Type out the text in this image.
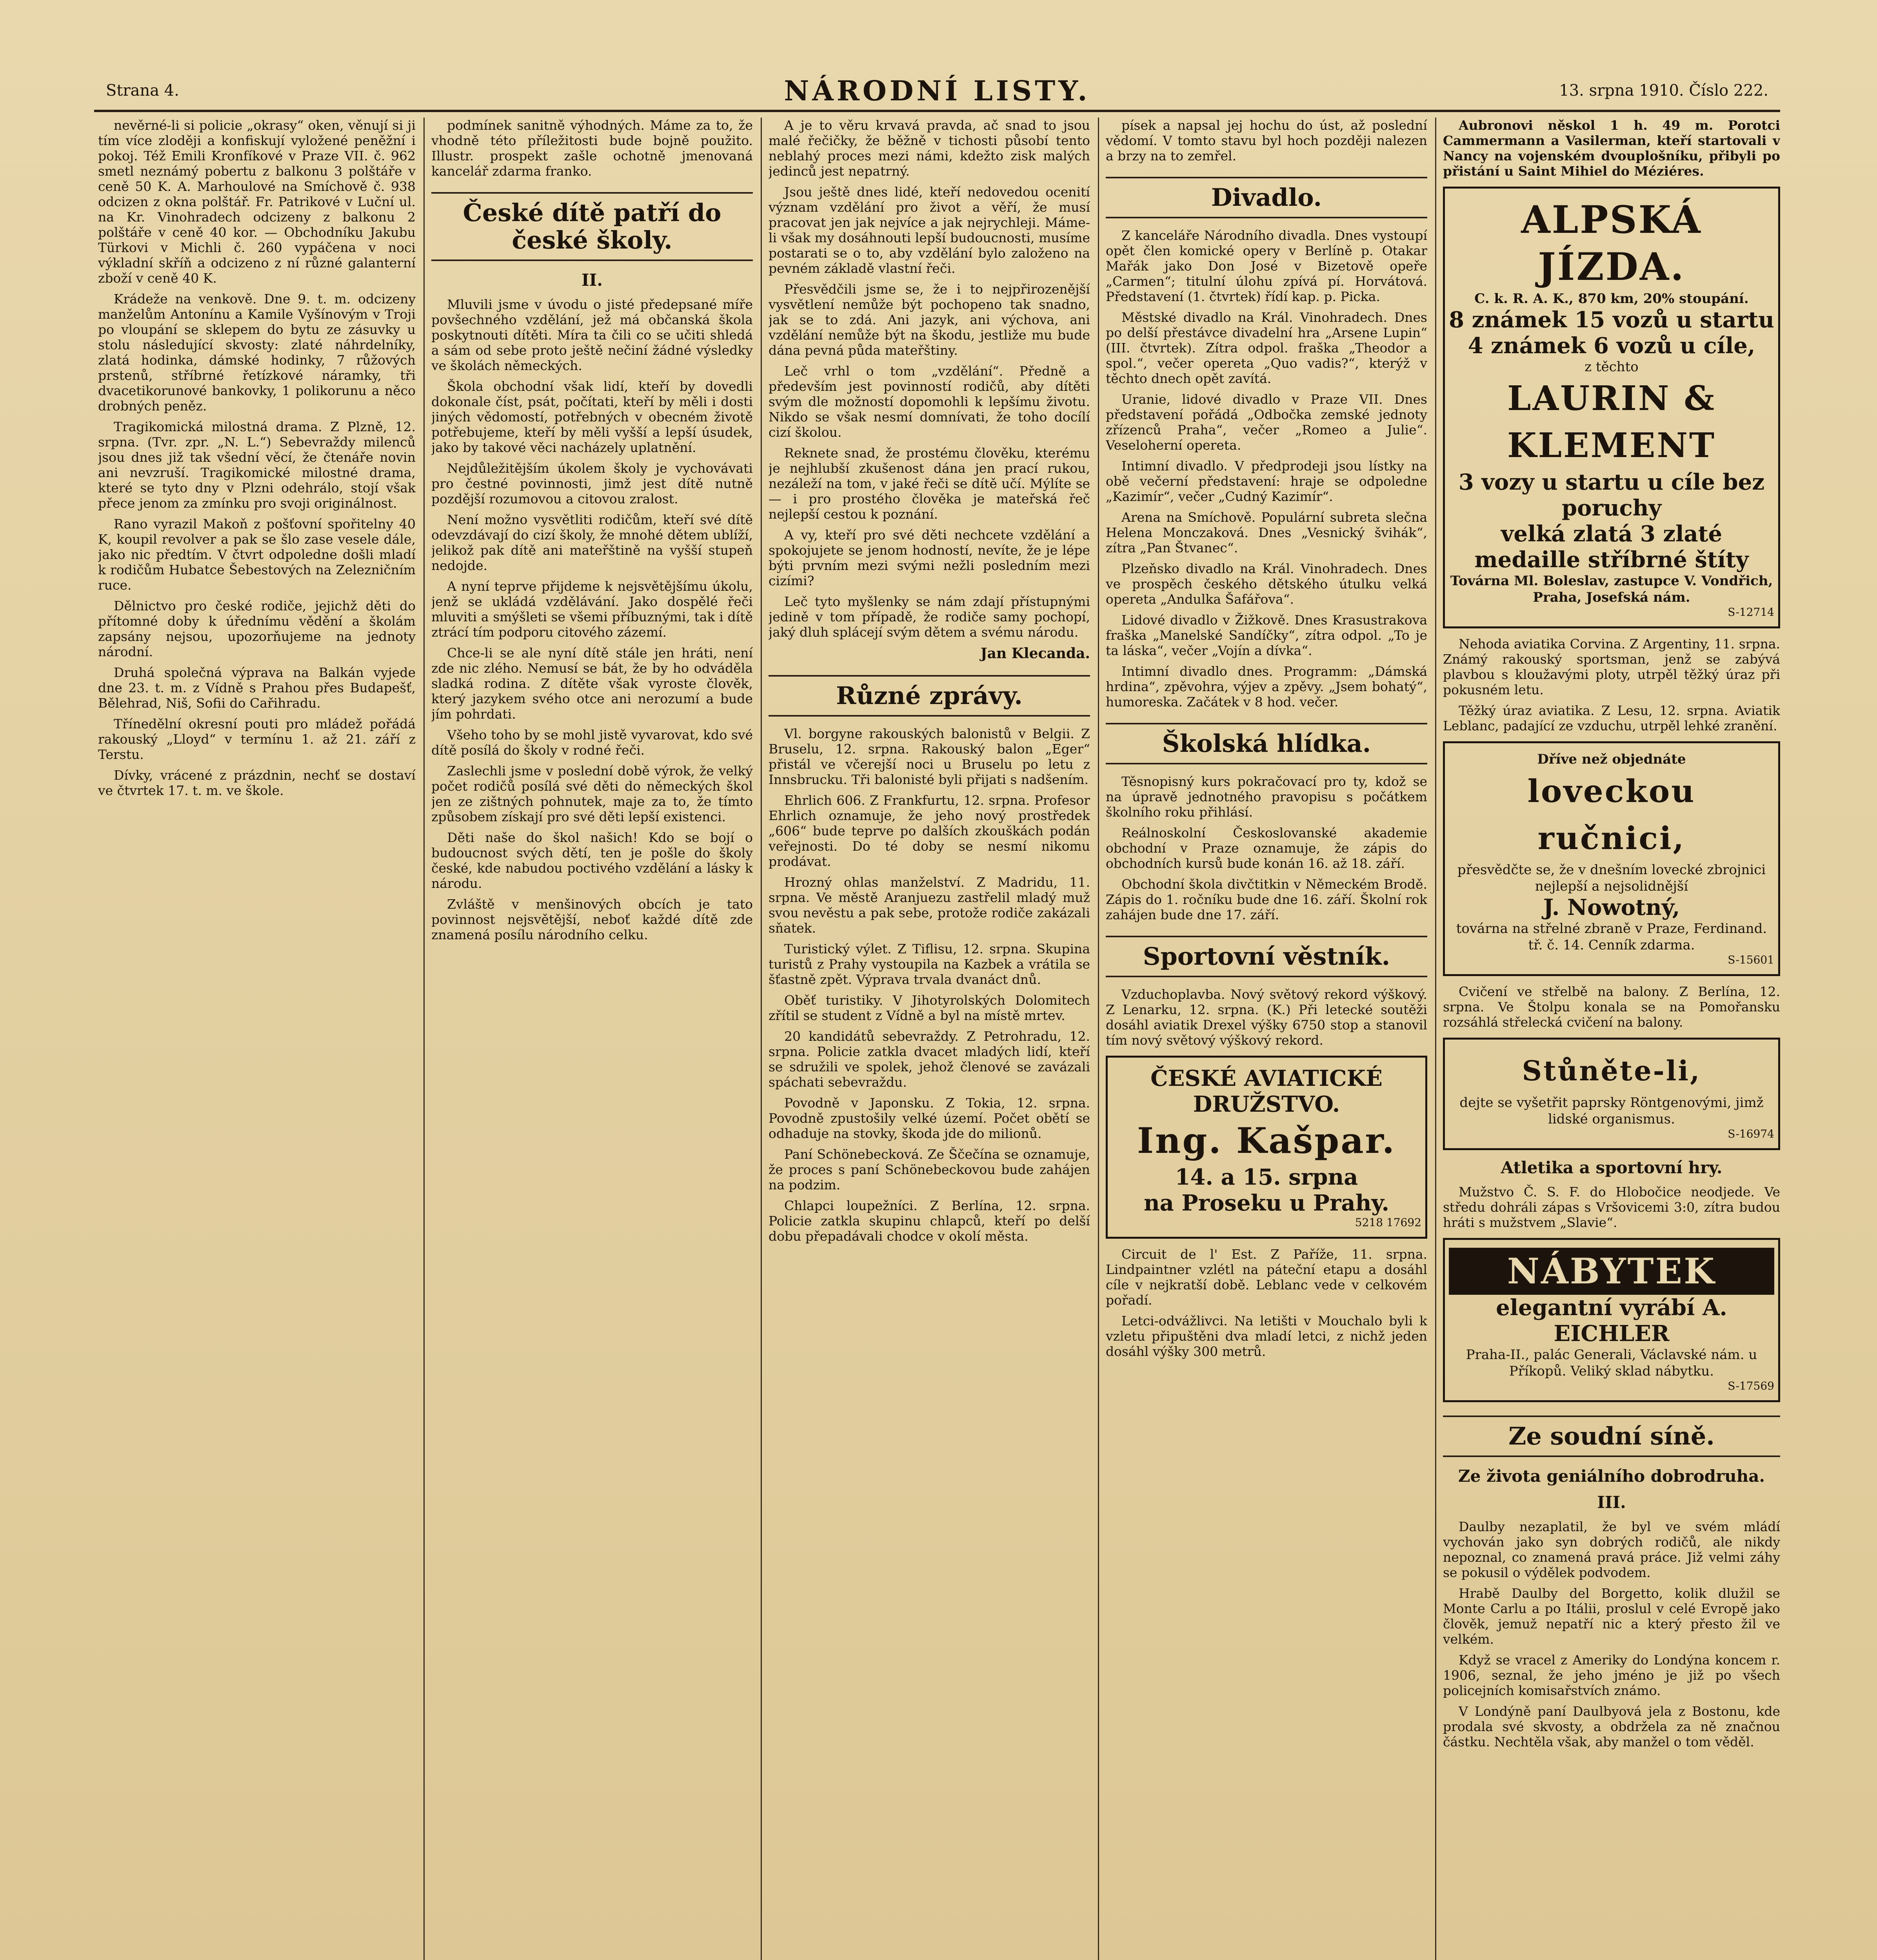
Strana 4.	NÁRODNÍ LISTY.	13. srpna 1910. Číslo 222.

nevěrné-li si policie „okrasy“ oken, věnují si ji tím více zloději a konfiskují vyložené peněžní i pokoj. Též Emili Kronfíkové v Praze VII. č. 962 smetl neznámý pobertu z balkonu 3 polštáře v ceně 50 K. A. Marhoulové na Smíchově č. 938 odcizen z okna polštář. Fr. Patrikové v Luční ul. na Kr. Vinohradech odcizeny z balkonu 2 polštáře v ceně 40 kor. — Obchodníku Jakubu Türkovi v Michli č. 260 vypáčena v noci výkladní skříň a odcizeno z ní různé galanterní zboží v ceně 40 K.

Krádeže na venkově. Dne 9. t. m. odcizeny manželům Antonínu a Kamile Vyšínovým v Troji po vloupání se sklepem do bytu ze zásuvky u stolu následující skvosty: zlaté náhrdelníky, zlatá hodinka, dámské hodinky, 7 růžových prstenů, stříbrné řetízkové náramky, tři dvacetikorunové bankovky, 1 polikorunu a něco drobných peněz.

Tragikomická milostná drama. Z Plzně, 12. srpna. (Tvr. zpr. „N. L.“) Sebevraždy milenců jsou dnes již tak všední věcí, že čtenáře novin ani nevzruší. Tragikomické milostné drama, které se tyto dny v Plzni odehrálo, stojí však přece jenom za zmínku pro svoji originálnost.

Rano vyrazil Makoň z pošťovní spořitelny 40 K, koupil revolver a pak se šlo zase vesele dále, jako nic předtím. V čtvrt odpoledne došli mladí k rodičům Hubatce Šebestových na Zelezničním ruce.

Dělnictvo pro české rodiče, jejichž děti do přítomné doby k úřednímu vědění a školám zapsány nejsou, upozorňujeme na jednoty národní.

Druhá společná výprava na Balkán vyjede dne 23. t. m. z Vídně s Prahou přes Budapešť, Bělehrad, Niš, Sofii do Cařihradu.

Třínedělní okresní pouti pro mládež pořádá rakouský „Lloyd“ v termínu 1. až 21. září z Terstu.

Dívky, vrácené z prázdnin, nechť se dostaví ve čtvrtek 17. t. m. ve škole.

podmínek sanitně výhodných. Máme za to, že vhodně této příležitosti bude bojně použito. Illustr. prospekt zašle ochotně jmenovaná kancelář zdarma franko.

České dítě patří do české školy.
II.

Mluvili jsme v úvodu o jisté předepsané míře povšechného vzdělání, jež má občanská škola poskytnouti dítěti. Míra ta čili co se učiti shledá a sám od sebe proto ještě nečiní žádné výsledky ve školách německých.

Škola obchodní však lidí, kteří by dovedli dokonale číst, psát, počítati, kteří by měli i dosti jiných vědomostí, potřebných v obecném životě potřebujeme, kteří by měli vyšší a lepší úsudek, jako by takové věci nacházely uplatnění.

Nejdůležitějším úkolem školy je vychovávati pro čestné povinnosti, jimž jest dítě nutně pozdější rozumovou a citovou zralost.

Není možno vysvětliti rodičům, kteří své dítě odevzdávají do cizí školy, že mnohé dětem ublíží, jelikož pak dítě ani mateřštině na vyšší stupeň nedojde.

A nyní teprve přijdeme k nejsvětějšímu úkolu, jenž se ukládá vzdělávání. Jako dospělé řeči mluviti a smýšleti se všemi příbuznými, tak i dítě ztrácí tím podporu citového zázemí.

Chce-li se ale nyní dítě stále jen hráti, není zde nic zlého. Nemusí se bát, že by ho odváděla sladká rodina. Z dítěte však vyroste člověk, který jazykem svého otce ani nerozumí a bude jím pohrdati.

Všeho toho by se mohl jistě vyvarovat, kdo své dítě posílá do školy v rodné řeči.

Zaslechli jsme v poslední době výrok, že velký počet rodičů posílá své děti do německých škol jen ze zištných pohnutek, maje za to, že tímto způsobem získají pro své děti lepší existenci.

Děti naše do škol našich! Kdo se bojí o budoucnost svých dětí, ten je pošle do školy české, kde nabudou poctivého vzdělání a lásky k národu.

Zvláště v menšinových obcích je tato povinnost nejsvětější, neboť každé dítě zde znamená posílu národního celku.

A je to věru krvavá pravda, ač snad to jsou malé řečičky, že běžně v tichosti působí tento neblahý proces mezi námi, kdežto zisk malých jedinců jest nepatrný.

Jsou ještě dnes lidé, kteří nedovedou ocenití význam vzdělání pro život a věří, že musí pracovat jen jak nejvíce a jak nejrychleji. Máme-li však my dosáhnouti lepší budoucnosti, musíme postarati se o to, aby vzdělání bylo založeno na pevném základě vlastní řeči.

Přesvědčili jsme se, že i to nejpřirozenější vysvětlení nemůže být pochopeno tak snadno, jak se to zdá. Ani jazyk, ani výchova, ani vzdělání nemůže být na škodu, jestliže mu bude dána pevná půda mateřštiny.

Leč vrhl o tom „vzdělání“. Předně a především jest povinností rodičů, aby dítěti svým dle možností dopomohli k lepšímu životu. Nikdo se však nesmí domnívati, že toho docílí cizí školou.

Reknete snad, že prostému člověku, kterému je nejhlubší zkušenost dána jen prací rukou, nezáleží na tom, v jaké řeči se dítě učí. Mýlíte se — i pro prostého člověka je mateřská řeč nejlepší cestou k poznání.

A vy, kteří pro své děti nechcete vzdělání a spokojujete se jenom hodností, nevíte, že je lépe býti prvním mezi svými nežli posledním mezi cizími?

Leč tyto myšlenky se nám zdají přístupnými jedině v tom případě, že rodiče samy pochopí, jaký dluh splácejí svým dětem a svému národu.

Jan Klecanda.
Různé zprávy.

Vl. borgyne rakouských balonistů v Belgii. Z Bruselu, 12. srpna. Rakouský balon „Eger“ přistál ve včerejší noci u Bruselu po letu z Innsbrucku. Tři balonisté byli přijati s nadšením.

Ehrlich 606. Z Frankfurtu, 12. srpna. Profesor Ehrlich oznamuje, že jeho nový prostředek „606“ bude teprve po dalších zkouškách podán veřejnosti. Do té doby se nesmí nikomu prodávat.

Hrozný ohlas manželství. Z Madridu, 11. srpna. Ve městě Aranjuezu zastřelil mladý muž svou nevěstu a pak sebe, protože rodiče zakázali sňatek.

Turistický výlet. Z Tiflisu, 12. srpna. Skupina turistů z Prahy vystoupila na Kazbek a vrátila se šťastně zpět. Výprava trvala dvanáct dnů.

Oběť turistiky. V Jihotyrolských Dolomitech zřítil se student z Vídně a byl na místě mrtev.

20 kandidátů sebevraždy. Z Petrohradu, 12. srpna. Policie zatkla dvacet mladých lidí, kteří se sdružili ve spolek, jehož členové se zavázali spáchati sebevraždu.

Povodně v Japonsku. Z Tokia, 12. srpna. Povodně zpustošily velké území. Počet obětí se odhaduje na stovky, škoda jde do milionů.

Paní Schönebecková. Ze Ščečína se oznamuje, že proces s paní Schönebeckovou bude zahájen na podzim.

Chlapci loupežníci. Z Berlína, 12. srpna. Policie zatkla skupinu chlapců, kteří po delší dobu přepadávali chodce v okolí města.

písek a napsal jej hochu do úst, až poslední vědomí. V tomto stavu byl hoch později nalezen a brzy na to zemřel.

Divadlo.

Z kanceláře Národního divadla. Dnes vystoupí opět člen komické opery v Berlíně p. Otakar Mařák jako Don José v Bizetově opeře „Carmen“; titulní úlohu zpívá pí. Horvátová. Představení (1. čtvrtek) řídí kap. p. Picka.

Městské divadlo na Král. Vinohradech. Dnes po delší přestávce divadelní hra „Arsene Lupin“ (III. čtvrtek). Zítra odpol. fraška „Theodor a spol.“, večer opereta „Quo vadis?“, kterýž v těchto dnech opět zavítá.

Uranie, lidové divadlo v Praze VII. Dnes představení pořádá „Odbočka zemské jednoty zřízenců Praha“, večer „Romeo a Julie“. Veseloherní opereta.

Intimní divadlo. V předprodeji jsou lístky na obě večerní představení: hraje se odpoledne „Kazimír“, večer „Cudný Kazimír“.

Arena na Smíchově. Populární subreta slečna Helena Monczaková. Dnes „Vesnický švihák“, zítra „Pan Štvanec“.

Plzeňsko divadlo na Král. Vinohradech. Dnes ve prospěch českého dětského útulku velká opereta „Andulka Šafářova“.

Lidové divadlo v Žižkově. Dnes Krasustrakova fraška „Manelské Sandíčky“, zítra odpol. „To je ta láska“, večer „Vojín a dívka“.

Intimní divadlo dnes. Programm: „Dámská hrdina“, zpěvohra, výjev a zpěvy. „Jsem bohatý“, humoreska. Začátek v 8 hod. večer.

Školská hlídka.

Těsnopisný kurs pokračovací pro ty, kdož se na úpravě jednotného pravopisu s počátkem školního roku přihlásí.

Reálnoskolní Českoslovanské akademie obchodní v Praze oznamuje, že zápis do obchodních kursů bude konán 16. až 18. září.

Obchodní škola divčtitkin v Německém Brodě. Zápis do 1. ročníku bude dne 16. září. Školní rok zahájen bude dne 17. září.

Sportovní věstník.

Vzduchoplavba. Nový světový rekord výškový. Z Lenarku, 12. srpna. (K.) Při letecké soutěži dosáhl aviatik Drexel výšky 6750 stop a stanovil tím nový světový výškový rekord.

ČESKÉ AVIATICKÉ DRUŽSTVO.
Ing. Kašpar.
14. a 15. srpna
na Proseku u Prahy.
5218 17692

Circuit de l' Est. Z Paříže, 11. srpna. Lindpaintner vzlétl na páteční etapu a dosáhl cíle v nejkratší době. Leblanc vede v celkovém pořadí.

Letci-odvážlivci. Na letišti v Mouchalo byli k vzletu připuštěni dva mladí letci, z nichž jeden dosáhl výšky 300 metrů.

Aubronovi něskol 1 h. 49 m. Porotci Cammermann a Vasilerman, kteří startovali v Nancy na vojenském dvouplošníku, přibyli po přistání u Saint Mihiel do Méziéres.

ALPSKÁ JÍZDA.
C. k. R. A. K., 870 km, 20% stoupání.
8 známek 15 vozů u startu
4 známek 6 vozů u cíle,
z těchto
LAURIN & KLEMENT
3 vozy u startu u cíle bez poruchy
velká zlatá 3 zlaté medaille stříbrné štíty
Továrna Ml. Boleslav, zastupce V. Vondřich, Praha, Josefská nám.
S-12714

Nehoda aviatika Corvina. Z Argentiny, 11. srpna. Známý rakouský sportsman, jenž se zabývá plavbou s kloužavými ploty, utrpěl těžký úraz při pokusném letu.

Těžký úraz aviatika. Z Lesu, 12. srpna. Aviatik Leblanc, padající ze vzduchu, utrpěl lehké zranění.

Dříve než objednáte
loveckou ručnici,
přesvědčte se, že v dnešním lovecké zbrojnici nejlepší a nejsolidnější
J. Nowotný,
továrna na střelné zbraně v Praze, Ferdinand. tř. č. 14. Cenník zdarma.
S-15601

Cvičení ve střelbě na balony. Z Berlína, 12. srpna. Ve Štolpu konala se na Pomořansku rozsáhlá střelecká cvičení na balony.

Stůněte-li,
dejte se vyšetřit paprsky Röntgenovými, jimž lidské organismus.
S-16974
Atletika a sportovní hry.

Mužstvo Č. S. F. do Hlobočice neodjede. Ve středu dohráli zápas s Vršovicemi 3:0, zítra budou hráti s mužstvem „Slavie“.

NÁBYTEK
elegantní vyrábí A. EICHLER
Praha-II., palác Generali, Václavské nám. u Příkopů. Veliký sklad nábytku.
S-17569
Ze soudní síně.
Ze života geniálního dobrodruha.
III.

Daulby nezaplatil, že byl ve svém mládí vychován jako syn dobrých rodičů, ale nikdy nepoznal, co znamená pravá práce. Již velmi záhy se pokusil o výdělek podvodem.

Hrabě Daulby del Borgetto, kolik dlužil se Monte Carlu a po Itálii, proslul v celé Evropě jako člověk, jemuž nepatří nic a který přesto žil ve velkém.

Když se vracel z Ameriky do Londýna koncem r. 1906, seznal, že jeho jméno je již po všech policejních komisařstvích známo.

V Londýně paní Daulbyová jela z Bostonu, kde prodala své skvosty, a obdržela za ně značnou částku. Nechtěla však, aby manžel o tom věděl.
